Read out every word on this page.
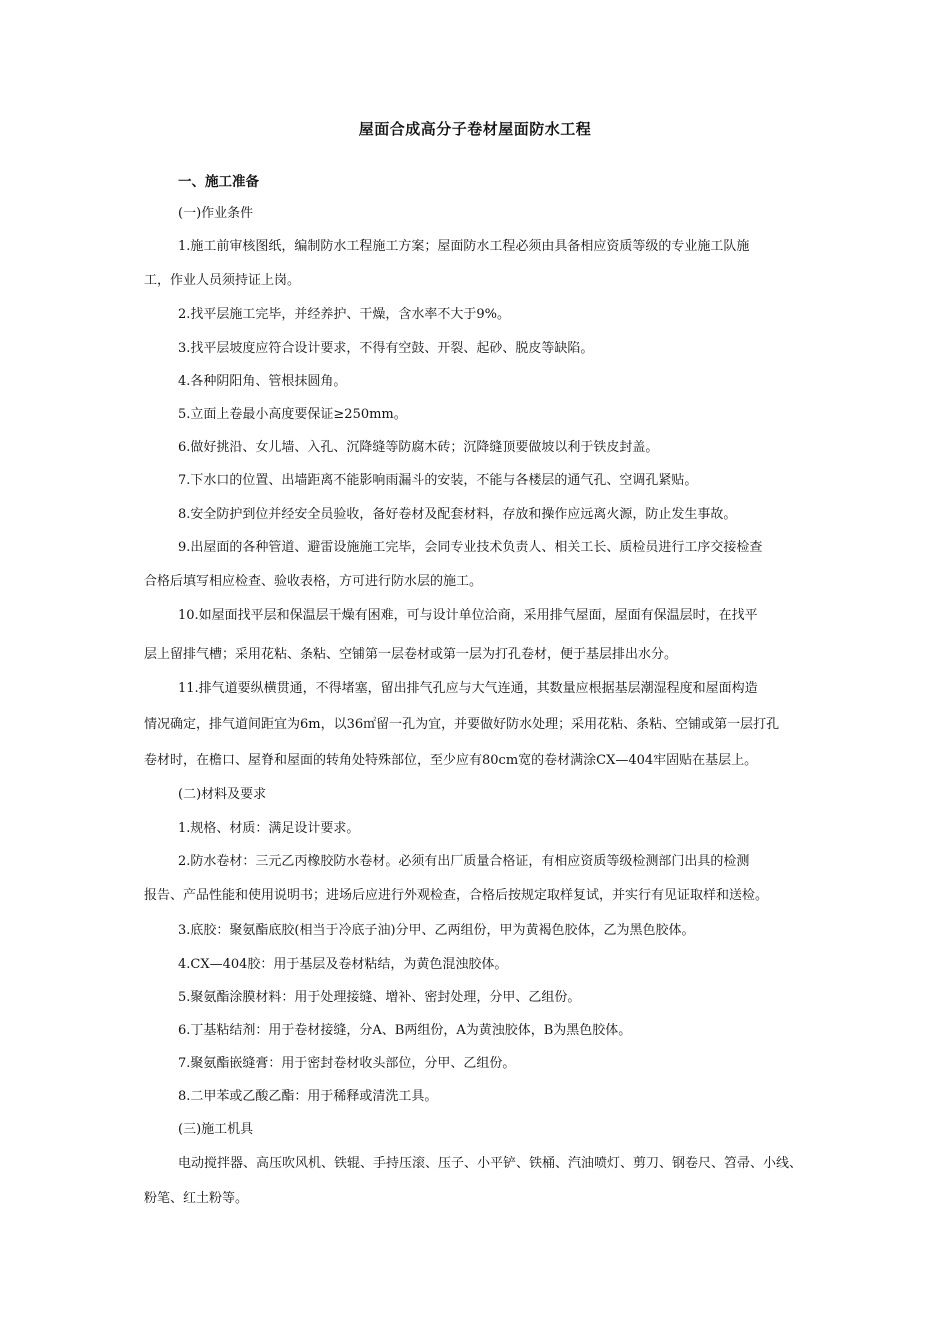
屋面合成高分子卷材屋面防水工程
一、施工准备
(一)作业条件
1.施工前审核图纸，编制防水工程施工方案；屋面防水工程必须由具备相应资质等级的专业施工队施
工，作业人员须持证上岗。
2.找平层施工完毕，并经养护、干燥，含水率不大于9%。
3.找平层坡度应符合设计要求，不得有空鼓、开裂、起砂、脱皮等缺陷。
4.各种阴阳角、管根抹圆角。
5.立面上卷最小高度要保证≥250mm。
6.做好挑沿、女儿墙、入孔、沉降缝等防腐木砖；沉降缝顶要做坡以利于铁皮封盖。
7.下水口的位置、出墙距离不能影响雨漏斗的安装，不能与各楼层的通气孔、空调孔紧贴。
8.安全防护到位并经安全员验收，备好卷材及配套材料，存放和操作应远离火源，防止发生事故。
9.出屋面的各种管道、避雷设施施工完毕，会同专业技术负责人、相关工长、质检员进行工序交接检查
合格后填写相应检查、验收表格，方可进行防水层的施工。
10.如屋面找平层和保温层干燥有困难，可与设计单位洽商，采用排气屋面，屋面有保温层时，在找平
层上留排气槽；采用花粘、条粘、空铺第一层卷材或第一层为打孔卷材，便于基层排出水分。
11.排气道要纵横贯通，不得堵塞，留出排气孔应与大气连通，其数量应根据基层潮湿程度和屋面构造
情况确定，排气道间距宜为6m，以36㎡留一孔为宜，并要做好防水处理；采用花粘、条粘、空铺或第一层打孔
卷材时，在檐口、屋脊和屋面的转角处特殊部位，至少应有80cm宽的卷材满涂CX—404牢固贴在基层上。
(二)材料及要求
1.规格、材质：满足设计要求。
2.防水卷材：三元乙丙橡胶防水卷材。必须有出厂质量合格证，有相应资质等级检测部门出具的检测
报告、产品性能和使用说明书；进场后应进行外观检查，合格后按规定取样复试，并实行有见证取样和送检。
3.底胶：聚氨酯底胶(相当于冷底子油)分甲、乙两组份，甲为黄褐色胶体，乙为黑色胶体。
4.CX—404胶：用于基层及卷材粘结，为黄色混浊胶体。
5.聚氨酯涂膜材料：用于处理接缝、增补、密封处理，分甲、乙组份。
6.丁基粘结剂：用于卷材接缝，分A、B两组份，A为黄浊胶体，B为黑色胶体。
7.聚氨酯嵌缝膏：用于密封卷材收头部位，分甲、乙组份。
8.二甲苯或乙酸乙酯：用于稀释或清洗工具。
(三)施工机具
电动搅拌器、高压吹风机、铁辊、手持压滚、压子、小平铲、铁桶、汽油喷灯、剪刀、钢卷尺、笤帚、小线、
粉笔、红土粉等。
